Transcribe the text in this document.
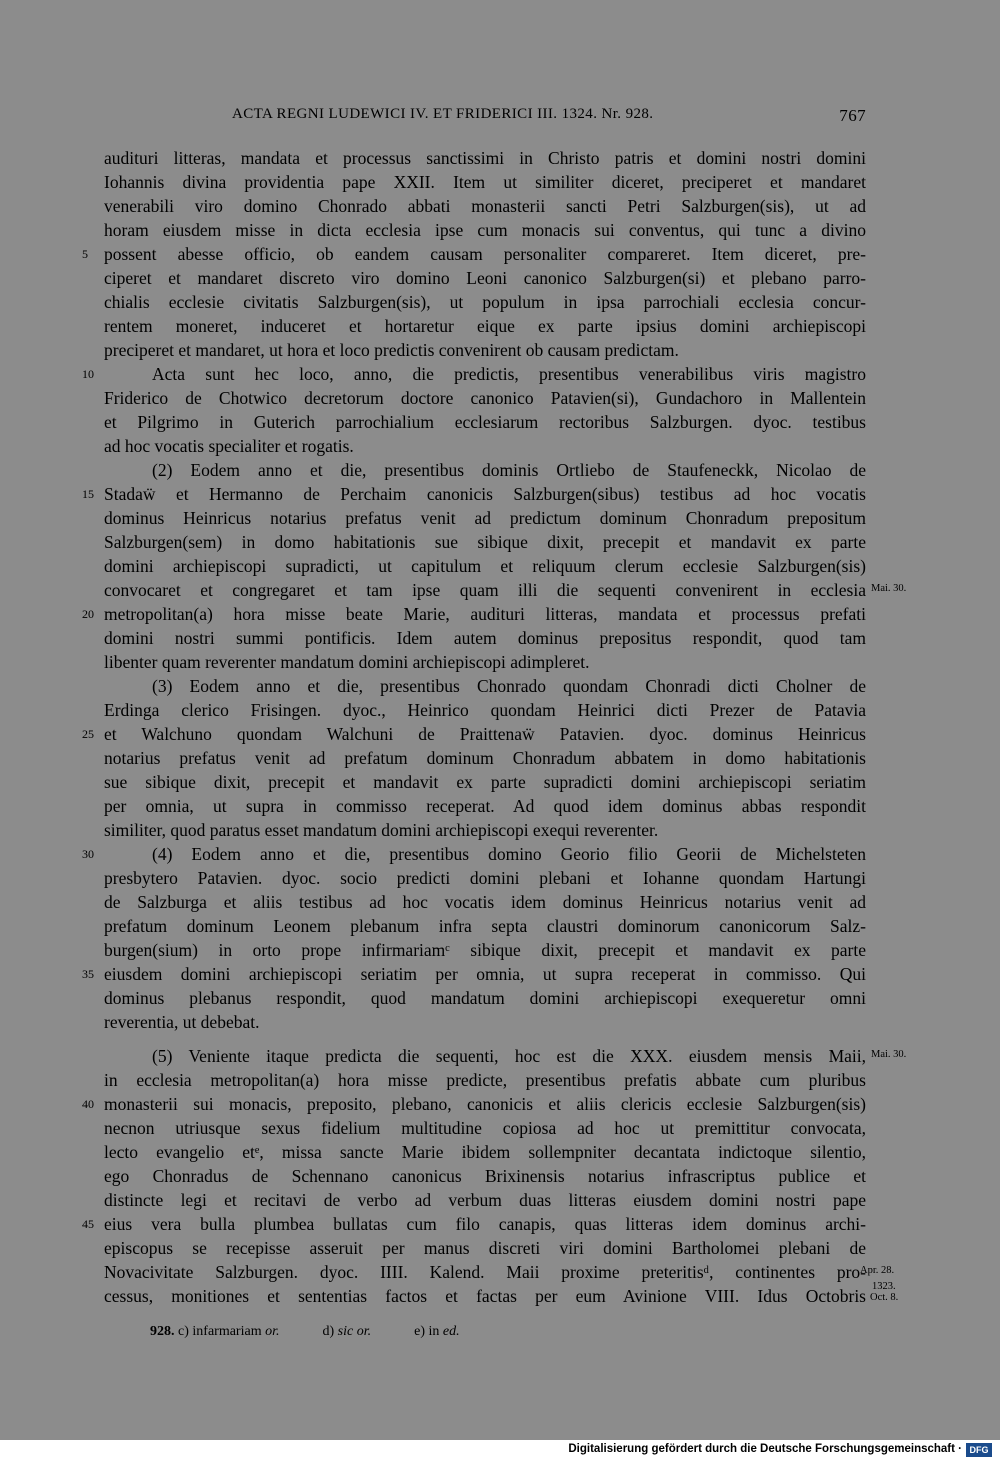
ACTA REGNI LUDEWICI IV. ET FRIDERICI III. 1324. Nr. 928.	767
audituri litteras, mandata et processus sanctissimi in Christo patris et domini nostri domini
Iohannis divina providentia pape XXII. Item ut similiter diceret, preciperet et mandaret
venerabili viro domino Chonrado abbati monasterii sancti Petri Salzburgen(sis), ut ad
horam eiusdem misse in dicta ecclesia ipse cum monacis sui conventus, qui tunc a divino
possent abesse officio, ob eandem causam personaliter compareret. Item diceret, pre-
ciperet et mandaret discreto viro domino Leoni canonico Salzburgen(si) et plebano parro-
chialis ecclesie civitatis Salzburgen(sis), ut populum in ipsa parrochiali ecclesia concur-
rentem moneret, induceret et hortaretur eique ex parte ipsius domini archiepiscopi
preciperet et mandaret, ut hora et loco predictis convenirent ob causam predictam.
Acta sunt hec loco, anno, die predictis, presentibus venerabilibus viris magistro
Friderico de Chotwico decretorum doctore canonico Patavien(si), Gundachoro in Mallentein
et Pilgrimo in Guterich parrochialium ecclesiarum rectoribus Salzburgen. dyoc. testibus
ad hoc vocatis specialiter et rogatis.
(2) Eodem anno et die, presentibus dominis Ortliebo de Staufeneckk, Nicolao de
Stadaẅ et Hermanno de Perchaim canonicis Salzburgen(sibus) testibus ad hoc vocatis
dominus Heinricus notarius prefatus venit ad predictum dominum Chonradum prepositum
Salzburgen(sem) in domo habitationis sue sibique dixit, precepit et mandavit ex parte
domini archiepiscopi supradicti, ut capitulum et reliquum clerum ecclesie Salzburgen(sis)
convocaret et congregaret et tam ipse quam illi die sequenti convenirent in ecclesia
metropolitan(a) hora misse beate Marie, audituri litteras, mandata et processus prefati
domini nostri summi pontificis. Idem autem dominus prepositus respondit, quod tam
libenter quam reverenter mandatum domini archiepiscopi adimpleret.
(3) Eodem anno et die, presentibus Chonrado quondam Chonradi dicti Cholner de
Erdinga clerico Frisingen. dyoc., Heinrico quondam Heinrici dicti Prezer de Patavia
et Walchuno quondam Walchuni de Praittenaẅ Patavien. dyoc. dominus Heinricus
notarius prefatus venit ad prefatum dominum Chonradum abbatem in domo habitationis
sue sibique dixit, precepit et mandavit ex parte supradicti domini archiepiscopi seriatim
per omnia, ut supra in commisso receperat. Ad quod idem dominus abbas respondit
similiter, quod paratus esset mandatum domini archiepiscopi exequi reverenter.
(4) Eodem anno et die, presentibus domino Georio filio Georii de Michelsteten
presbytero Patavien. dyoc. socio predicti domini plebani et Iohanne quondam Hartungi
de Salzburga et aliis testibus ad hoc vocatis idem dominus Heinricus notarius venit ad
prefatum dominum Leonem plebanum infra septa claustri dominorum canonicorum Salz-
burgen(sium) in orto prope infirmariamᶜ sibique dixit, precepit et mandavit ex parte
eiusdem domini archiepiscopi seriatim per omnia, ut supra receperat in commisso. Qui
dominus plebanus respondit, quod mandatum domini archiepiscopi exequeretur omni
reverentia, ut debebat.
(5) Veniente itaque predicta die sequenti, hoc est die XXX. eiusdem mensis Maii,
in ecclesia metropolitan(a) hora misse predicte, presentibus prefatis abbate cum pluribus
monasterii sui monacis, preposito, plebano, canonicis et aliis clericis ecclesie Salzburgen(sis)
necnon utriusque sexus fidelium multitudine copiosa ad hoc ut premittitur convocata,
lecto evangelio etᵉ, missa sancte Marie ibidem sollempniter decantata indictoque silentio,
ego Chonradus de Schennano canonicus Brixinensis notarius infrascriptus publice et
distincte legi et recitavi de verbo ad verbum duas litteras eiusdem domini nostri pape
eius vera bulla plumbea bullatas cum filo canapis, quas litteras idem dominus archi-
episcopus se recepisse asseruit per manus discreti viri domini Bartholomei plebani de
Novacivitate Salzburgen. dyoc. IIII. Kalend. Maii proxime preteritisᵈ, continentes pro-
cessus, monitiones et sententias factos et factas per eum Avinione VIII. Idus Octobris
5
10
15
20
25
30
35
40
45
Mai. 30.
Mai. 30.
Apr. 28.
1323.
Oct. 8.
928. c) infarmariam or.	d) sic or.	e) in ed.
Digitalisierung gefördert durch die Deutsche Forschungsgemeinschaft · DFG
